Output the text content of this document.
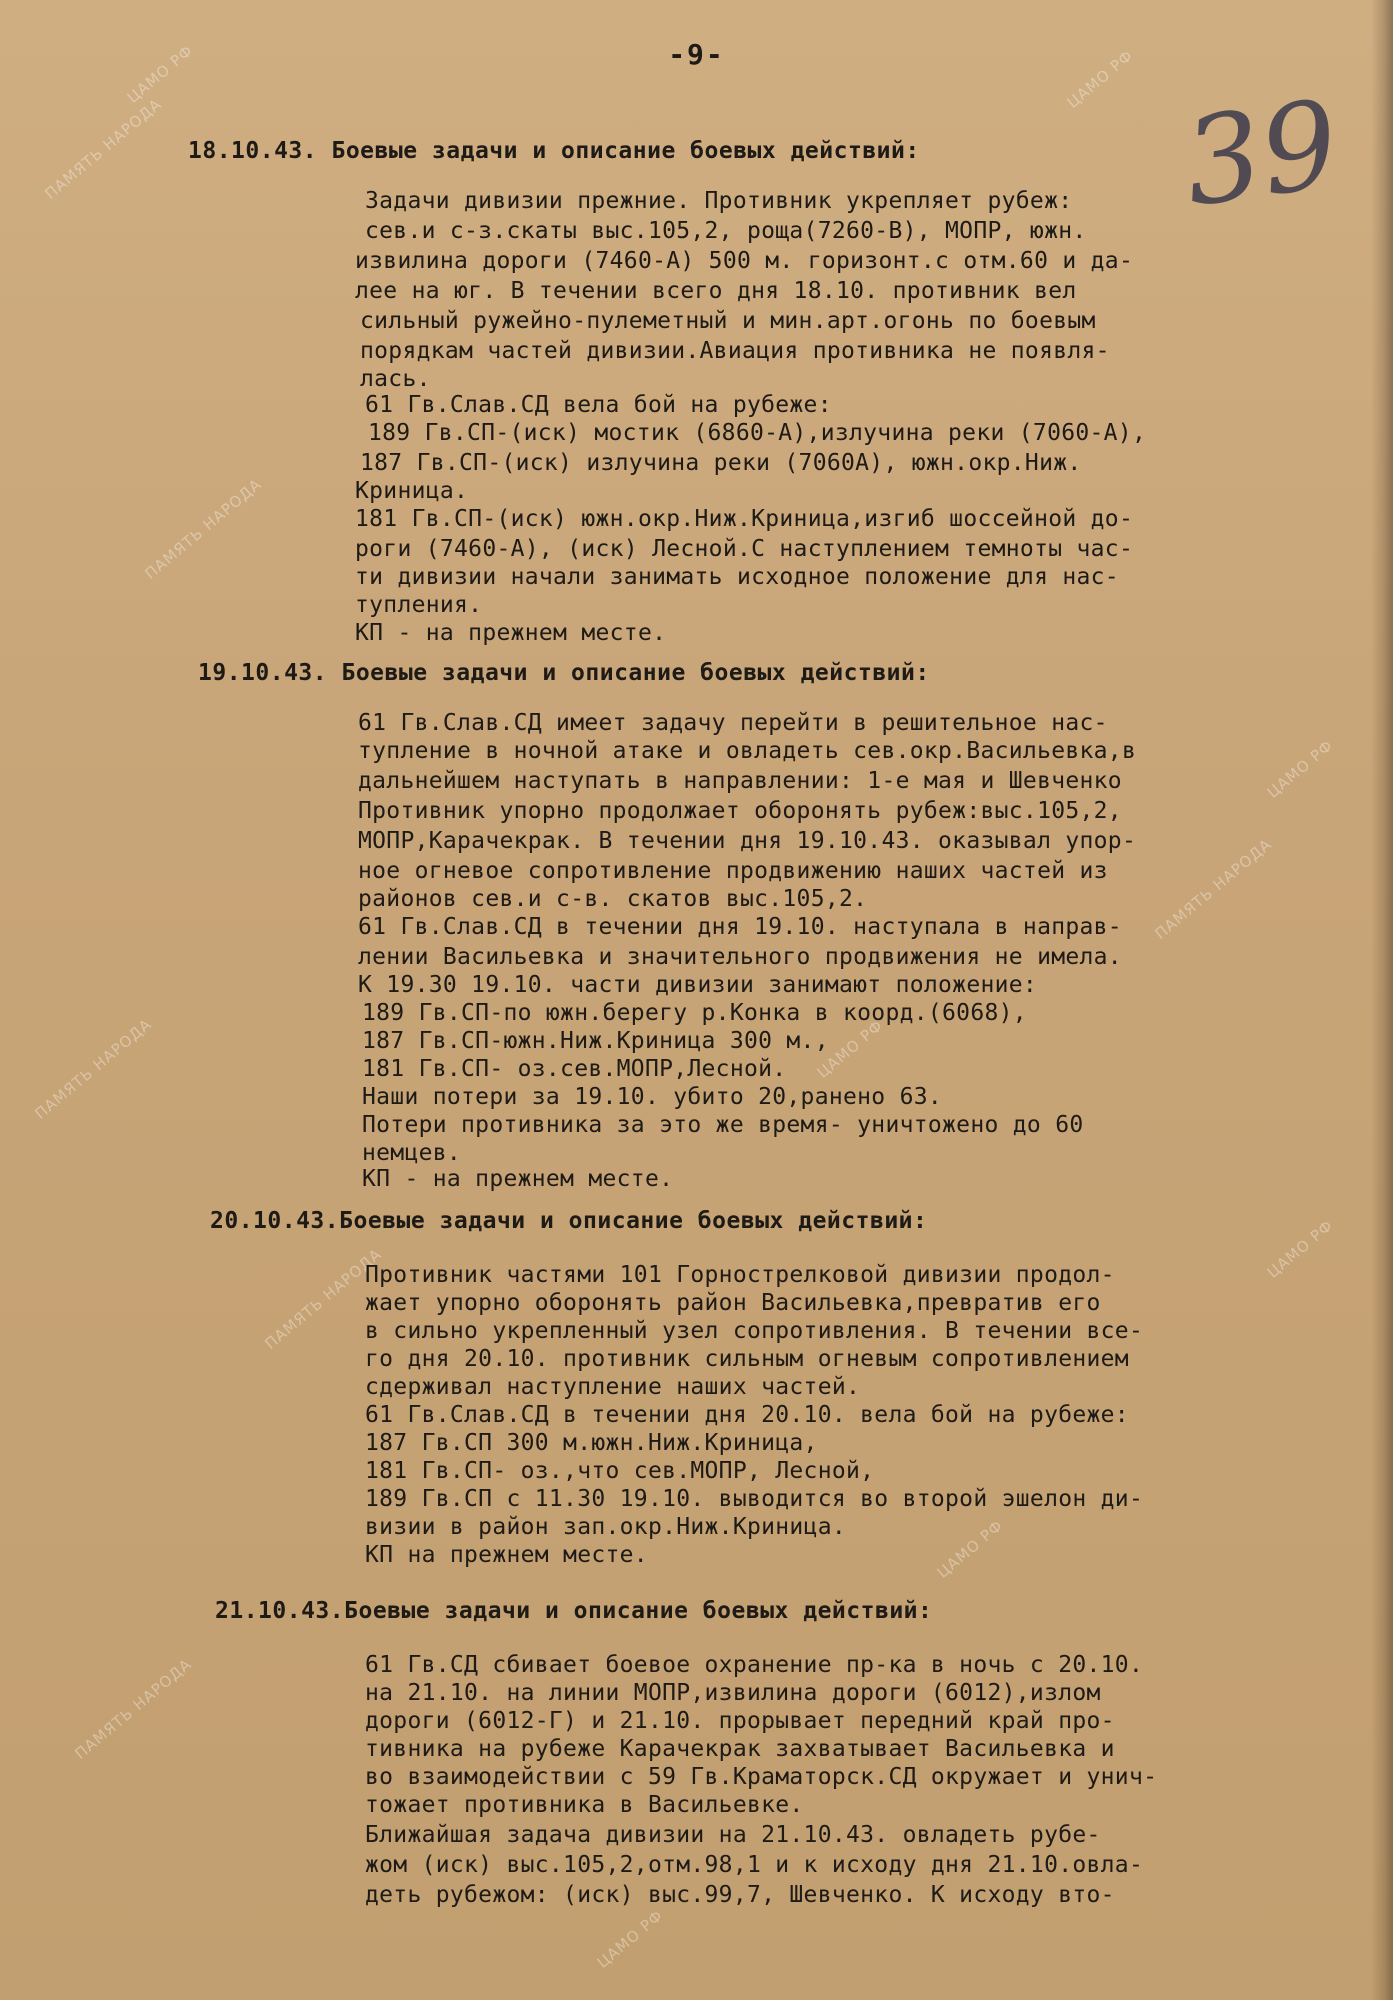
ЦАМО РФ
ПАМЯТЬ НАРОДА
ЦАМО РФ
ПАМЯТЬ НАРОДА
ЦАМО РФ
ПАМЯТЬ НАРОДА
ЦАМО РФ
ПАМЯТЬ НАРОДА
ЦАМО РФ
ПАМЯТЬ НАРОДА
ЦАМО РФ
ПАМЯТЬ НАРОДА
ЦАМО РФ
-9-
39
18.10.43. Боевые задачи и описание боевых действий:
Задачи дивизии прежние. Противник укрепляет рубеж:
сев.и с-з.скаты выс.105,2, роща(7260-В), МОПР, южн.
извилина дороги (7460-А) 500 м. горизонт.с отм.60 и да-
лее на юг. В течении всего дня 18.10. противник вел
сильный ружейно-пулеметный и мин.арт.огонь по боевым
порядкам частей дивизии.Авиация противника не появля-
лась.
61 Гв.Слав.СД вела бой на рубеже:
189 Гв.СП-(иск) мостик (6860-А),излучина реки (7060-А),
187 Гв.СП-(иск) излучина реки (7060А), южн.окр.Ниж.
Криница.
181 Гв.СП-(иск) южн.окр.Ниж.Криница,изгиб шоссейной до-
роги (7460-А), (иск) Лесной.С наступлением темноты час-
ти дивизии начали занимать исходное положение для нас-
тупления.
КП - на прежнем месте.
19.10.43. Боевые задачи и описание боевых действий:
61 Гв.Слав.СД имеет задачу перейти в решительное нас-
тупление в ночной атаке и овладеть сев.окр.Васильевка,в
дальнейшем наступать в направлении: 1-е мая и Шевченко
Противник упорно продолжает оборонять рубеж:выс.105,2,
МОПР,Карачекрак. В течении дня 19.10.43. оказывал упор-
ное огневое сопротивление продвижению наших частей из
районов сев.и с-в. скатов выс.105,2.
61 Гв.Слав.СД в течении дня 19.10. наступала в направ-
лении Васильевка и значительного продвижения не имела.
К 19.30 19.10. части дивизии занимают положение:
189 Гв.СП-по южн.берегу р.Конка в коорд.(6068),
187 Гв.СП-южн.Ниж.Криница 300 м.,
181 Гв.СП- оз.сев.МОПР,Лесной.
Наши потери за 19.10. убито 20,ранено 63.
Потери противника за это же время- уничтожено до 60
немцев.
КП - на прежнем месте.
20.10.43.Боевые задачи и описание боевых действий:
Противник частями 101 Горнострелковой дивизии продол-
жает упорно оборонять район Васильевка,превратив его
в сильно укрепленный узел сопротивления. В течении все-
го дня 20.10. противник сильным огневым сопротивлением
сдерживал наступление наших частей.
61 Гв.Слав.СД в течении дня 20.10. вела бой на рубеже:
187 Гв.СП 300 м.южн.Ниж.Криница,
181 Гв.СП- оз.,что сев.МОПР, Лесной,
189 Гв.СП с 11.30 19.10. выводится во второй эшелон ди-
визии в район зап.окр.Ниж.Криница.
КП на прежнем месте.
21.10.43.Боевые задачи и описание боевых действий:
61 Гв.СД сбивает боевое охранение пр-ка в ночь с 20.10.
на 21.10. на линии МОПР,извилина дороги (6012),излом
дороги (6012-Г) и 21.10. прорывает передний край про-
тивника на рубеже Карачекрак захватывает Васильевка и
во взаимодействии с 59 Гв.Краматорск.СД окружает и унич-
тожает противника в Васильевке.
Ближайшая задача дивизии на 21.10.43. овладеть рубе-
жом (иск) выс.105,2,отм.98,1 и к исходу дня 21.10.овла-
деть рубежом: (иск) выс.99,7, Шевченко. К исходу вто-
